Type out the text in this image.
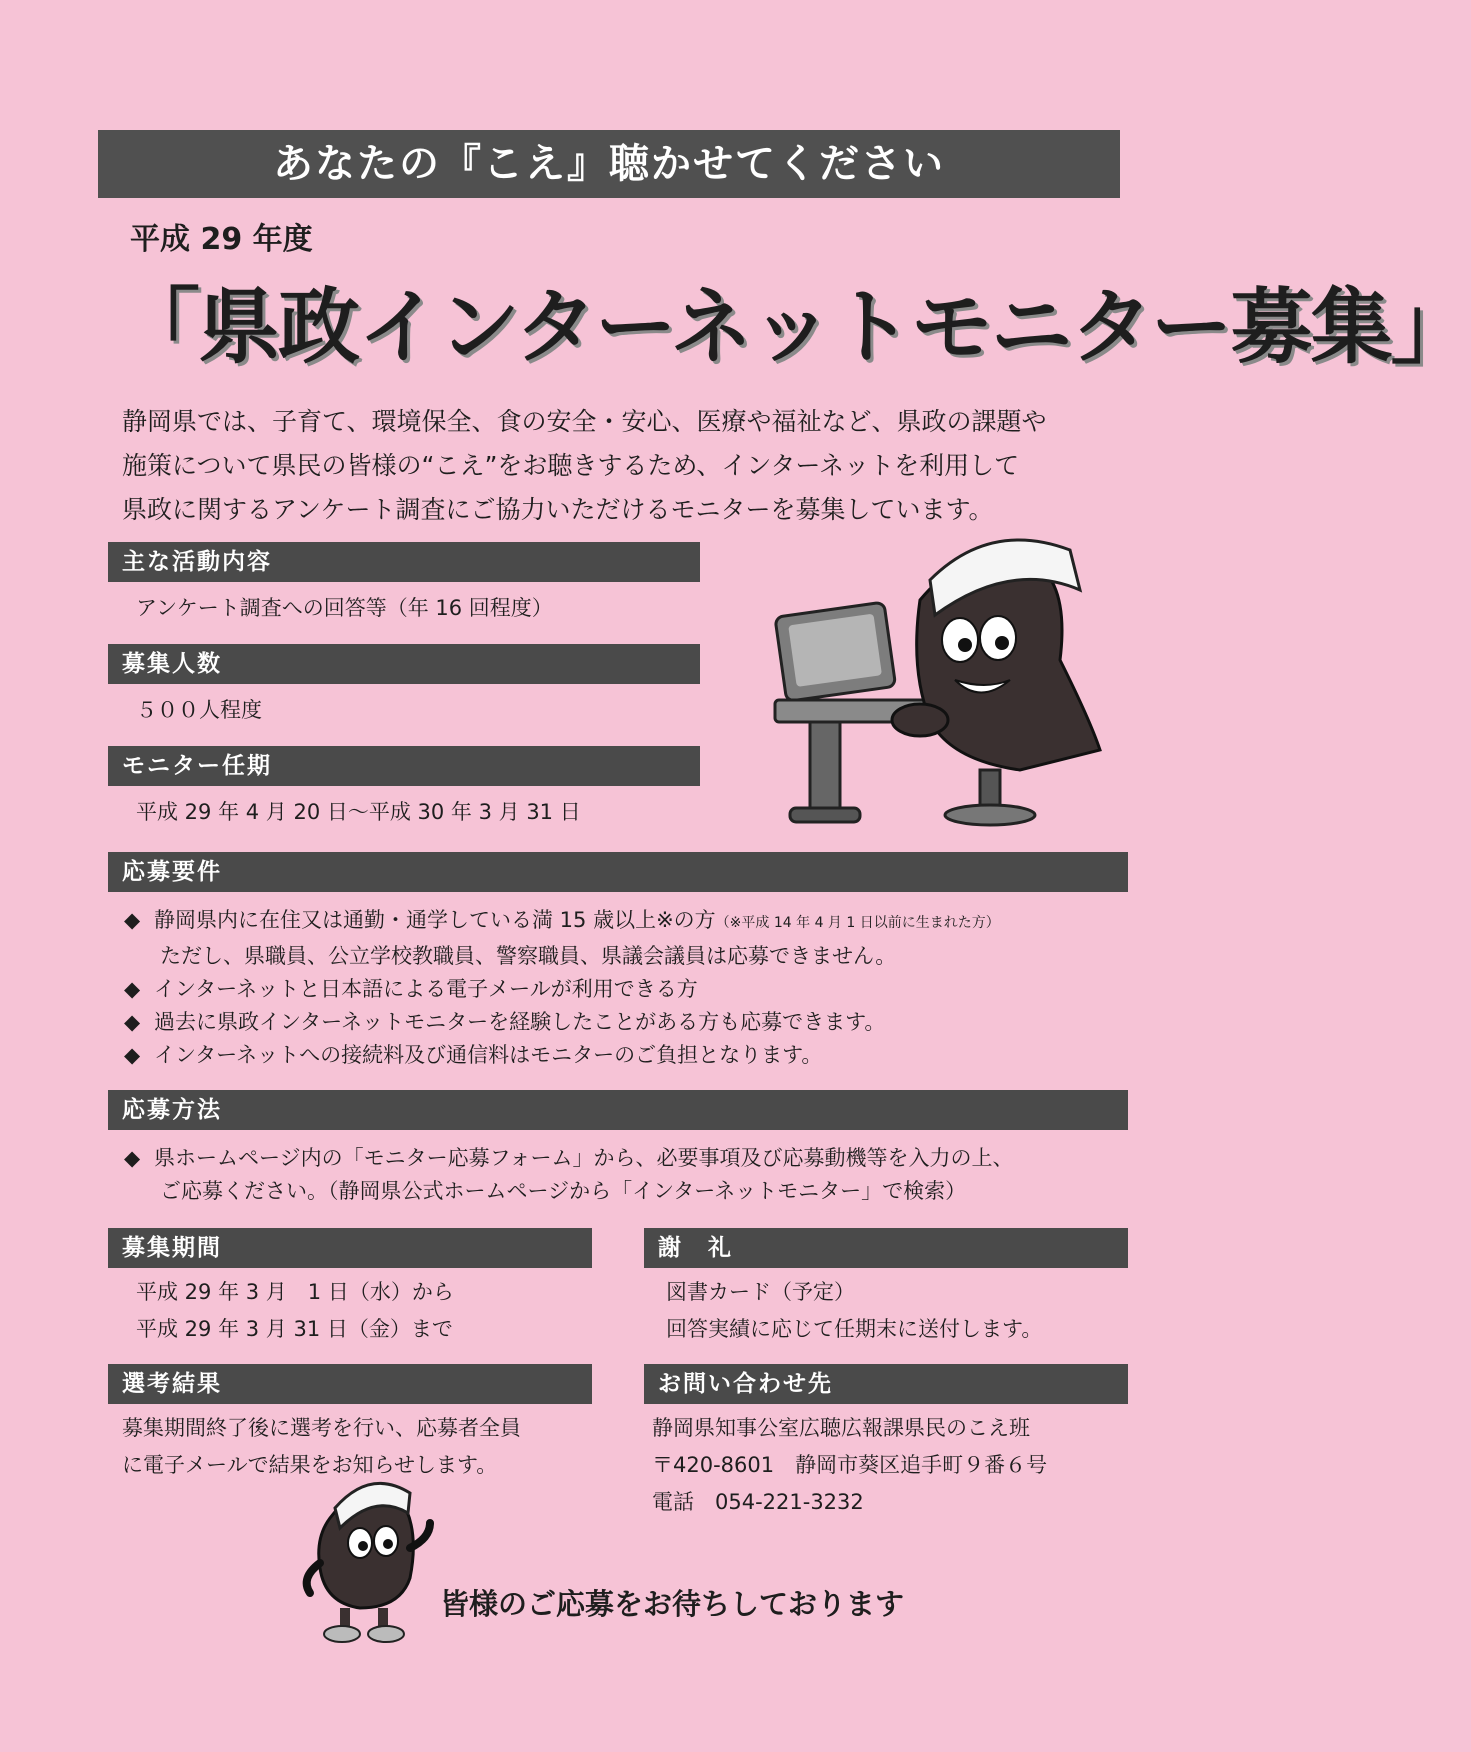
あなたの『こえ』聴かせてください
平成 29 年度
「県政インターネットモニター募集」
静岡県では、子育て、環境保全、食の安全・安心、医療や福祉など、県政の課題や
施策について県民の皆様の“こえ”をお聴きするため、インターネットを利用して
県政に関するアンケート調査にご協力いただけるモニターを募集しています。
主な活動内容
アンケート調査への回答等（年 16 回程度）
募集人数
５００人程度
モニター任期
平成 29 年 4 月 20 日～平成 30 年 3 月 31 日
応募要件
◆ 静岡県内に在住又は通勤・通学している満 15 歳以上※の方（※平成 14 年 4 月 1 日以前に生まれた方）
ただし、県職員、公立学校教職員、警察職員、県議会議員は応募できません。
◆ インターネットと日本語による電子メールが利用できる方
◆ 過去に県政インターネットモニターを経験したことがある方も応募できます。
◆ インターネットへの接続料及び通信料はモニターのご負担となります。
応募方法
◆ 県ホームページ内の「モニター応募フォーム」から、必要事項及び応募動機等を入力の上、
ご応募ください。（静岡県公式ホームページから「インターネットモニター」で検索）
募集期間
平成 29 年 3 月　1 日（水）から
平成 29 年 3 月 31 日（金）まで
謝　礼
図書カード（予定）
回答実績に応じて任期末に送付します。
選考結果
募集期間終了後に選考を行い、応募者全員
に電子メールで結果をお知らせします。
お問い合わせ先
静岡県知事公室広聴広報課県民のこえ班
〒420-8601　静岡市葵区追手町９番６号
電話　054-221-3232
皆様のご応募をお待ちしております
